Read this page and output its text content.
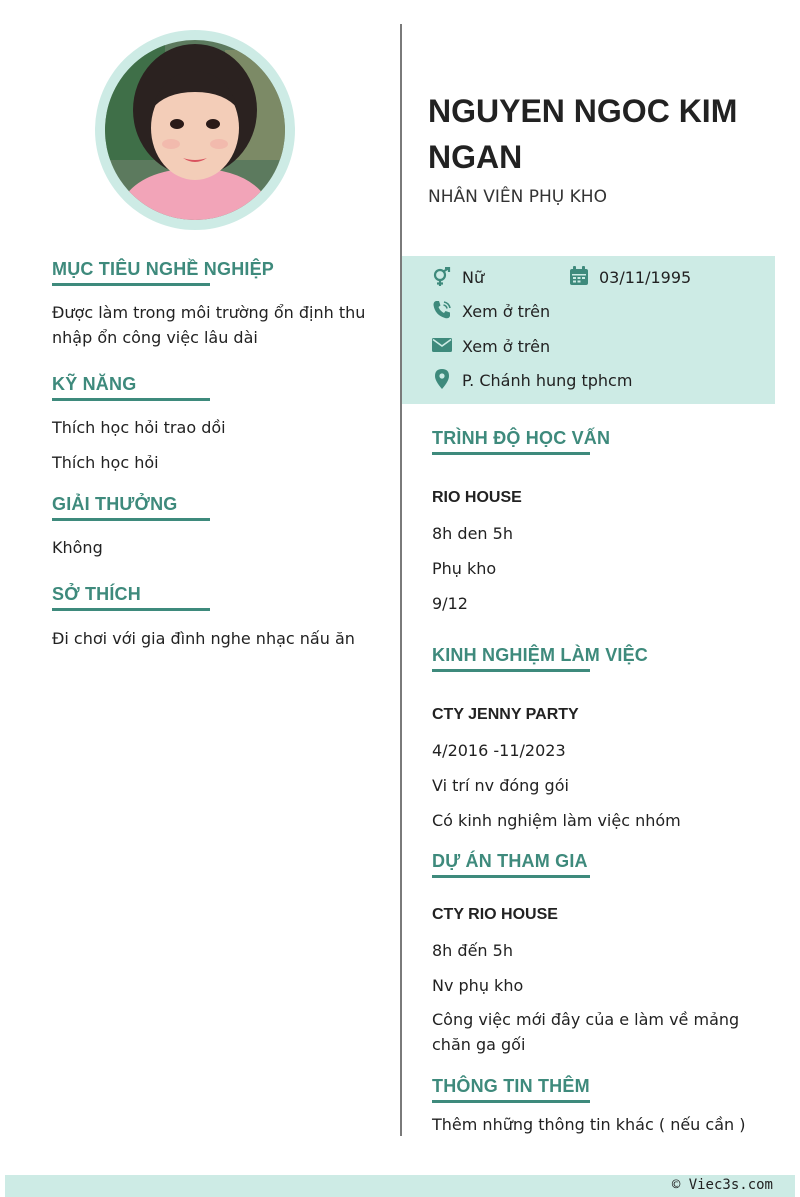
MỤC TIÊU NGHỀ NGHIỆP
Được làm trong môi trường ổn định thu
nhập ổn công việc lâu dài
KỸ NĂNG
Thích học hỏi trao dồi
Thích học hỏi
GIẢI THƯỞNG
Không
SỞ THÍCH
Đi chơi với gia đình nghe nhạc nấu ăn
NGUYEN NGOC KIM NGAN
NHÂN VIÊN PHỤ KHO
Nữ	03/11/1995
Xem ở trên
Xem ở trên
P. Chánh hung tphcm
TRÌNH ĐỘ HỌC VẤN
RIO HOUSE
8h den 5h
Phụ kho
9/12
KINH NGHIỆM LÀM VIỆC
CTY JENNY PARTY
4/2016 -11/2023
Vi trí nv đóng gói
Có kinh nghiệm làm việc nhóm
DỰ ÁN THAM GIA
CTY RIO HOUSE
8h đến 5h
Nv phụ kho
Công việc mới đây của e làm về mảng
chăn ga gối
THÔNG TIN THÊM
Thêm những thông tin khác ( nếu cần )
© Viec3s.com
